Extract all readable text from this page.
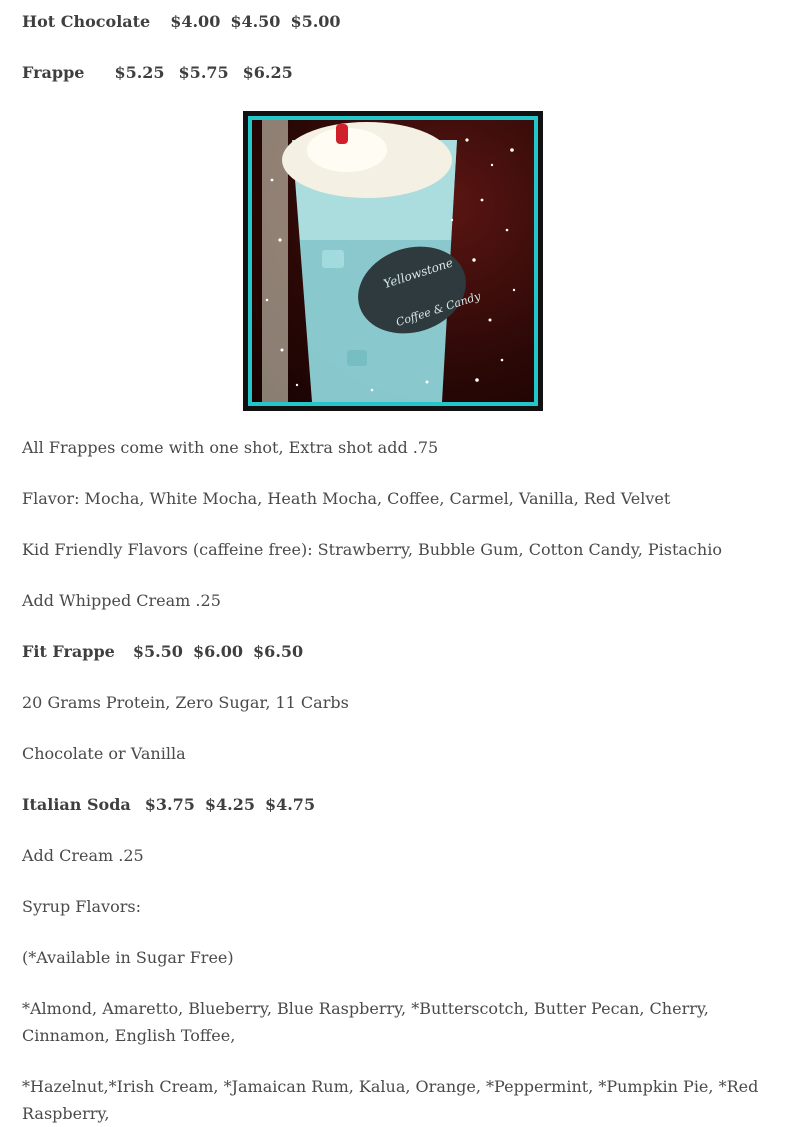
Hot Chocolate $4.00 $4.50 $5.00
Frappe $5.25 $5.75 $6.25
Yellowstone
Coffee & Candy
All Frappes come with one shot, Extra shot add .75
Flavor: Mocha, White Mocha, Heath Mocha, Coffee, Carmel, Vanilla, Red Velvet
Kid Friendly Flavors (caffeine free): Strawberry, Bubble Gum, Cotton Candy, Pistachio
Add Whipped Cream .25
Fit Frappe $5.50 $6.00 $6.50
20 Grams Protein, Zero Sugar, 11 Carbs
Chocolate or Vanilla
Italian Soda $3.75 $4.25 $4.75
Add Cream .25
Syrup Flavors:
(*Available in Sugar Free)
*Almond, Amaretto, Blueberry, Blue Raspberry, *Butterscotch, Butter Pecan, Cherry, Cinnamon, English Toffee,
*Hazelnut,*Irish Cream, *Jamaican Rum, Kalua, Orange, *Peppermint, *Pumpkin Pie, *Red Raspberry,
